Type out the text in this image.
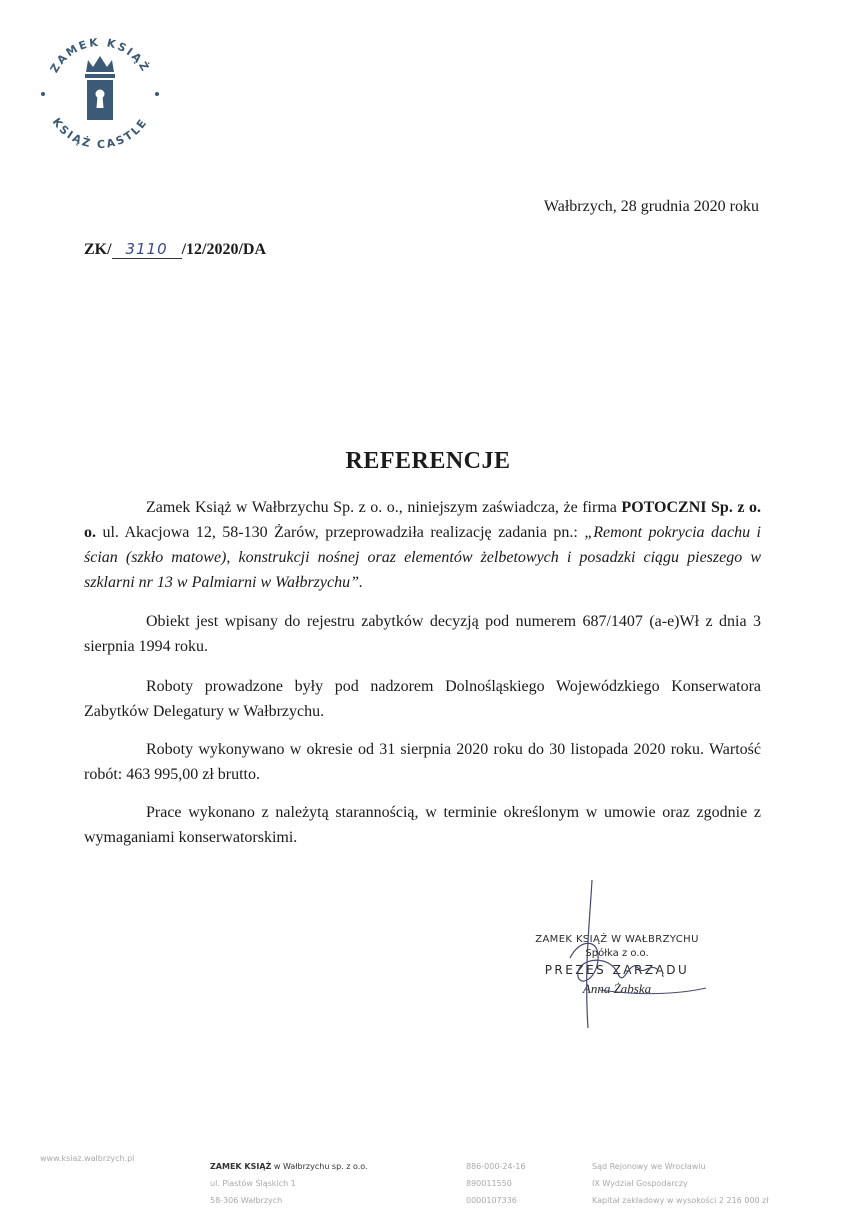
ZAMEK KSIĄŻ
KSIĄŻ CASTLE
Wałbrzych, 28 grudnia 2020 roku
ZK/ 3110 /12/2020/DA
REFERENCJE

Zamek Książ w Wałbrzychu Sp. z o. o., niniejszym zaświadcza, że firma POTOCZNI Sp. z o. o. ul. Akacjowa 12, 58-130 Żarów, przeprowadziła realizację zadania pn.: „Remont pokrycia dachu i ścian (szkło matowe), konstrukcji nośnej oraz elementów żelbetowych i posadzki ciągu pieszego w szklarni nr 13 w Palmiarni w Wałbrzychu”.

Obiekt jest wpisany do rejestru zabytków decyzją pod numerem 687/1407 (a-e)Wł z dnia 3 sierpnia 1994 roku.

Roboty prowadzone były pod nadzorem Dolnośląskiego Wojewódzkiego Konserwatora Zabytków Delegatury w Wałbrzychu.

Roboty wykonywano w okresie od 31 sierpnia 2020 roku do 30 listopada 2020 roku. Wartość robót: 463 995,00 zł brutto.

Prace wykonano z należytą starannością, w terminie określonym w umowie oraz zgodnie z wymaganiami konserwatorskimi.

ZAMEK KSIĄŻ W WAŁBRZYCHU
Spółka z o.o.
PREZES ZARZĄDU
Anna Żabska
www.ksiaz.walbrzych.pl
ZAMEK KSIĄŻ w Wałbrzychu sp. z o.o.
ul. Piastów Śląskich 1
58-306 Wałbrzych
886-000-24-16
890011550
0000107336
Sąd Rejonowy we Wrocławiu
IX Wydział Gospodarczy
Kapitał zakładowy w wysokości 2 216 000 zł
